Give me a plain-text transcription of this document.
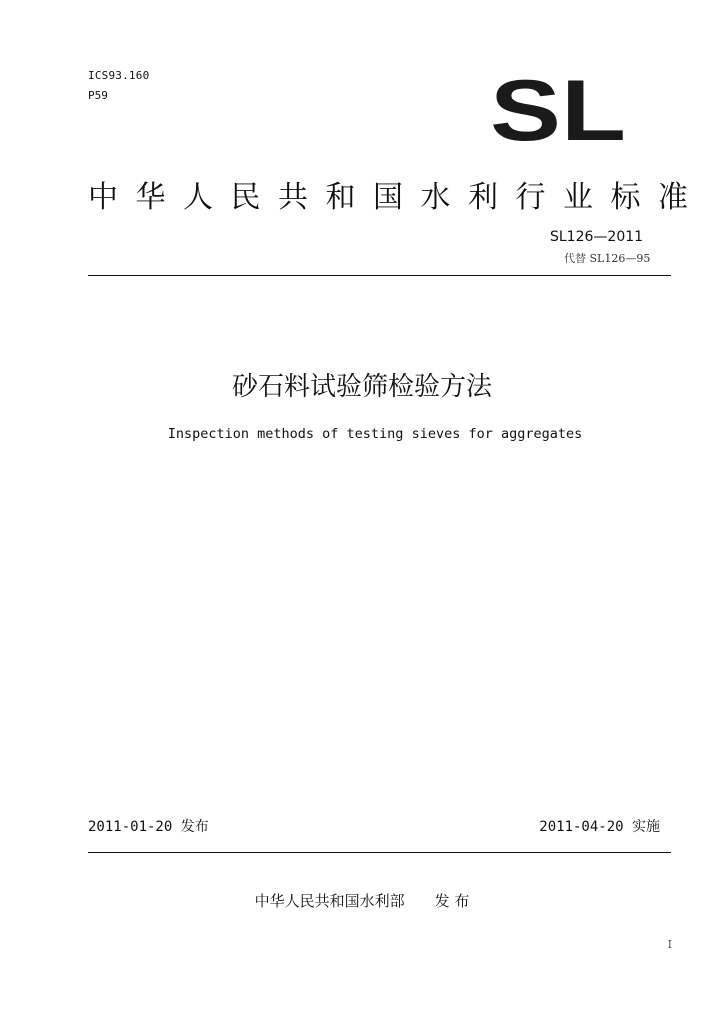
ICS93.160
P59	SL
中华人民共和国水利行业标准
SL126—2011
代替 SL126—95
砂石料试验筛检验方法
Inspection methods of testing sieves for aggregates
2011-01-20 发布	2011-04-20 实施
中华人民共和国水利部 发 布
I
